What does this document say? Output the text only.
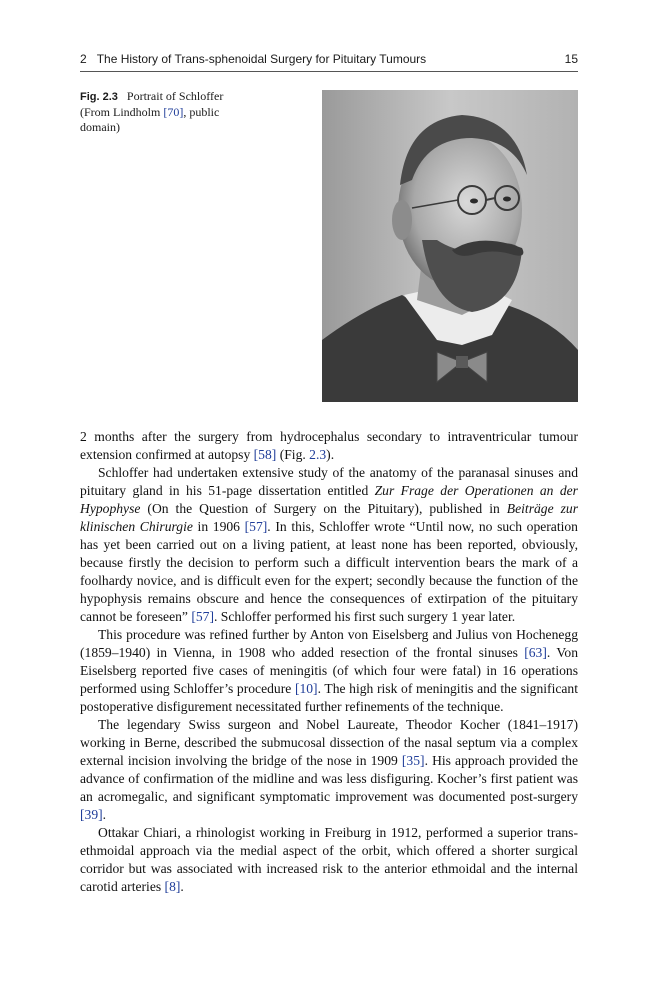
2 The History of Trans-sphenoidal Surgery for Pituitary Tumours	15
Fig. 2.3 Portrait of Schloffer (From Lindholm [70], public domain)

2 months after the surgery from hydrocephalus secondary to intraventricular tumour extension confirmed at autopsy [58] (Fig. 2.3).

Schloffer had undertaken extensive study of the anatomy of the paranasal sinuses and pituitary gland in his 51-page dissertation entitled Zur Frage der Operationen an der Hypophyse (On the Question of Surgery on the Pituitary), published in Beiträge zur klinischen Chirurgie in 1906 [57]. In this, Schloffer wrote “Until now, no such operation has yet been carried out on a living patient, at least none has been reported, obviously, because firstly the decision to perform such a difficult intervention bears the mark of a foolhardy novice, and is difficult even for the expert; secondly because the function of the hypophysis remains obscure and hence the consequences of extirpation of the pituitary cannot be foreseen” [57]. Schloffer performed his first such surgery 1 year later.

This procedure was refined further by Anton von Eiselsberg and Julius von Hochenegg (1859–1940) in Vienna, in 1908 who added resection of the frontal sinuses [63]. Von Eiselsberg reported five cases of meningitis (of which four were fatal) in 16 operations performed using Schloffer’s procedure [10]. The high risk of meningitis and the significant postoperative disfigurement necessitated further refinements of the technique.

The legendary Swiss surgeon and Nobel Laureate, Theodor Kocher (1841–1917) working in Berne, described the submucosal dissection of the nasal septum via a complex external incision involving the bridge of the nose in 1909 [35]. His approach provided the advance of confirmation of the midline and was less disfiguring. Kocher’s first patient was an acromegalic, and significant symptomatic improvement was documented post-surgery [39].

Ottakar Chiari, a rhinologist working in Freiburg in 1912, performed a superior trans-ethmoidal approach via the medial aspect of the orbit, which offered a shorter surgical corridor but was associated with increased risk to the anterior ethmoidal and the internal carotid arteries [8].
